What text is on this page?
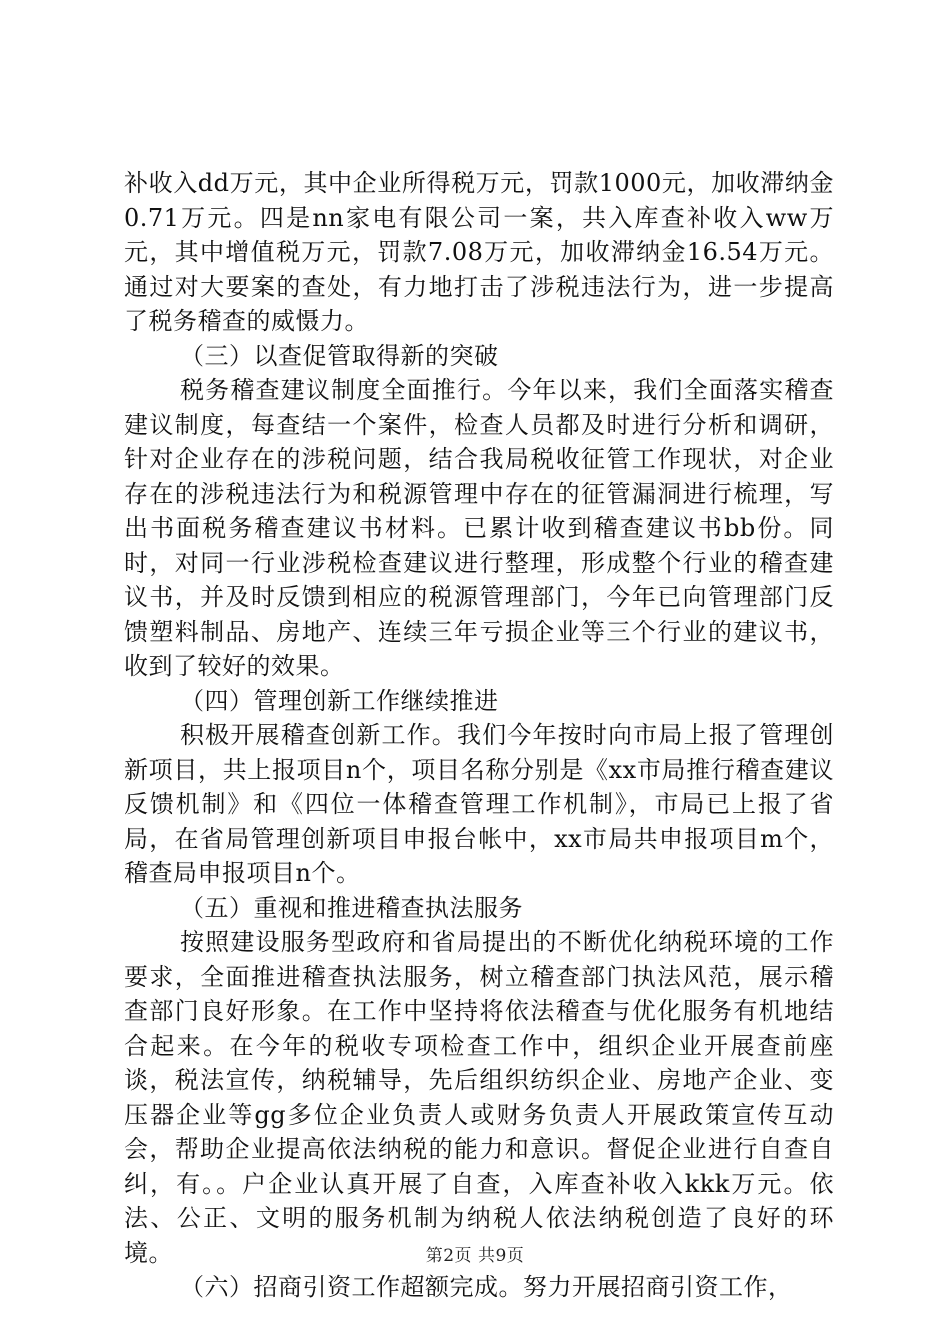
补收入dd万元，其中企业所得税万元，罚款1000元，加收滞纳金0.71万元。四是nn家电有限公司一案，共入库查补收入ww万元，其中增值税万元，罚款7.08万元，加收滞纳金16.54万元。通过对大要案的查处，有力地打击了涉税违法行为，进一步提高了税务稽查的威慑力。

（三）以查促管取得新的突破

税务稽查建议制度全面推行。今年以来，我们全面落实稽查建议制度，每查结一个案件，检查人员都及时进行分析和调研，针对企业存在的涉税问题，结合我局税收征管工作现状，对企业存在的涉税违法行为和税源管理中存在的征管漏洞进行梳理，写出书面税务稽查建议书材料。已累计收到稽查建议书bb份。同时，对同一行业涉税检查建议进行整理，形成整个行业的稽查建议书，并及时反馈到相应的税源管理部门，今年已向管理部门反馈塑料制品、房地产、连续三年亏损企业等三个行业的建议书，收到了较好的效果。

（四）管理创新工作继续推进

积极开展稽查创新工作。我们今年按时向市局上报了管理创新项目，共上报项目n个，项目名称分别是《xx市局推行稽查建议反馈机制》和《四位一体稽查管理工作机制》，市局已上报了省局，在省局管理创新项目申报台帐中，xx市局共申报项目m个，稽查局申报项目n个。

（五）重视和推进稽查执法服务

按照建设服务型政府和省局提出的不断优化纳税环境的工作要求，全面推进稽查执法服务，树立稽查部门执法风范，展示稽查部门良好形象。在工作中坚持将依法稽查与优化服务有机地结合起来。在今年的税收专项检查工作中，组织企业开展查前座谈，税法宣传，纳税辅导，先后组织纺织企业、房地产企业、变压器企业等gg多位企业负责人或财务负责人开展政策宣传互动会，帮助企业提高依法纳税的能力和意识。督促企业进行自查自纠，有。。户企业认真开展了自查，入库查补收入kkk万元。依法、公正、文明的服务机制为纳税人依法纳税创造了良好的环境。

（六）招商引资工作超额完成。努力开展招商引资工作，

第2页 共9页
